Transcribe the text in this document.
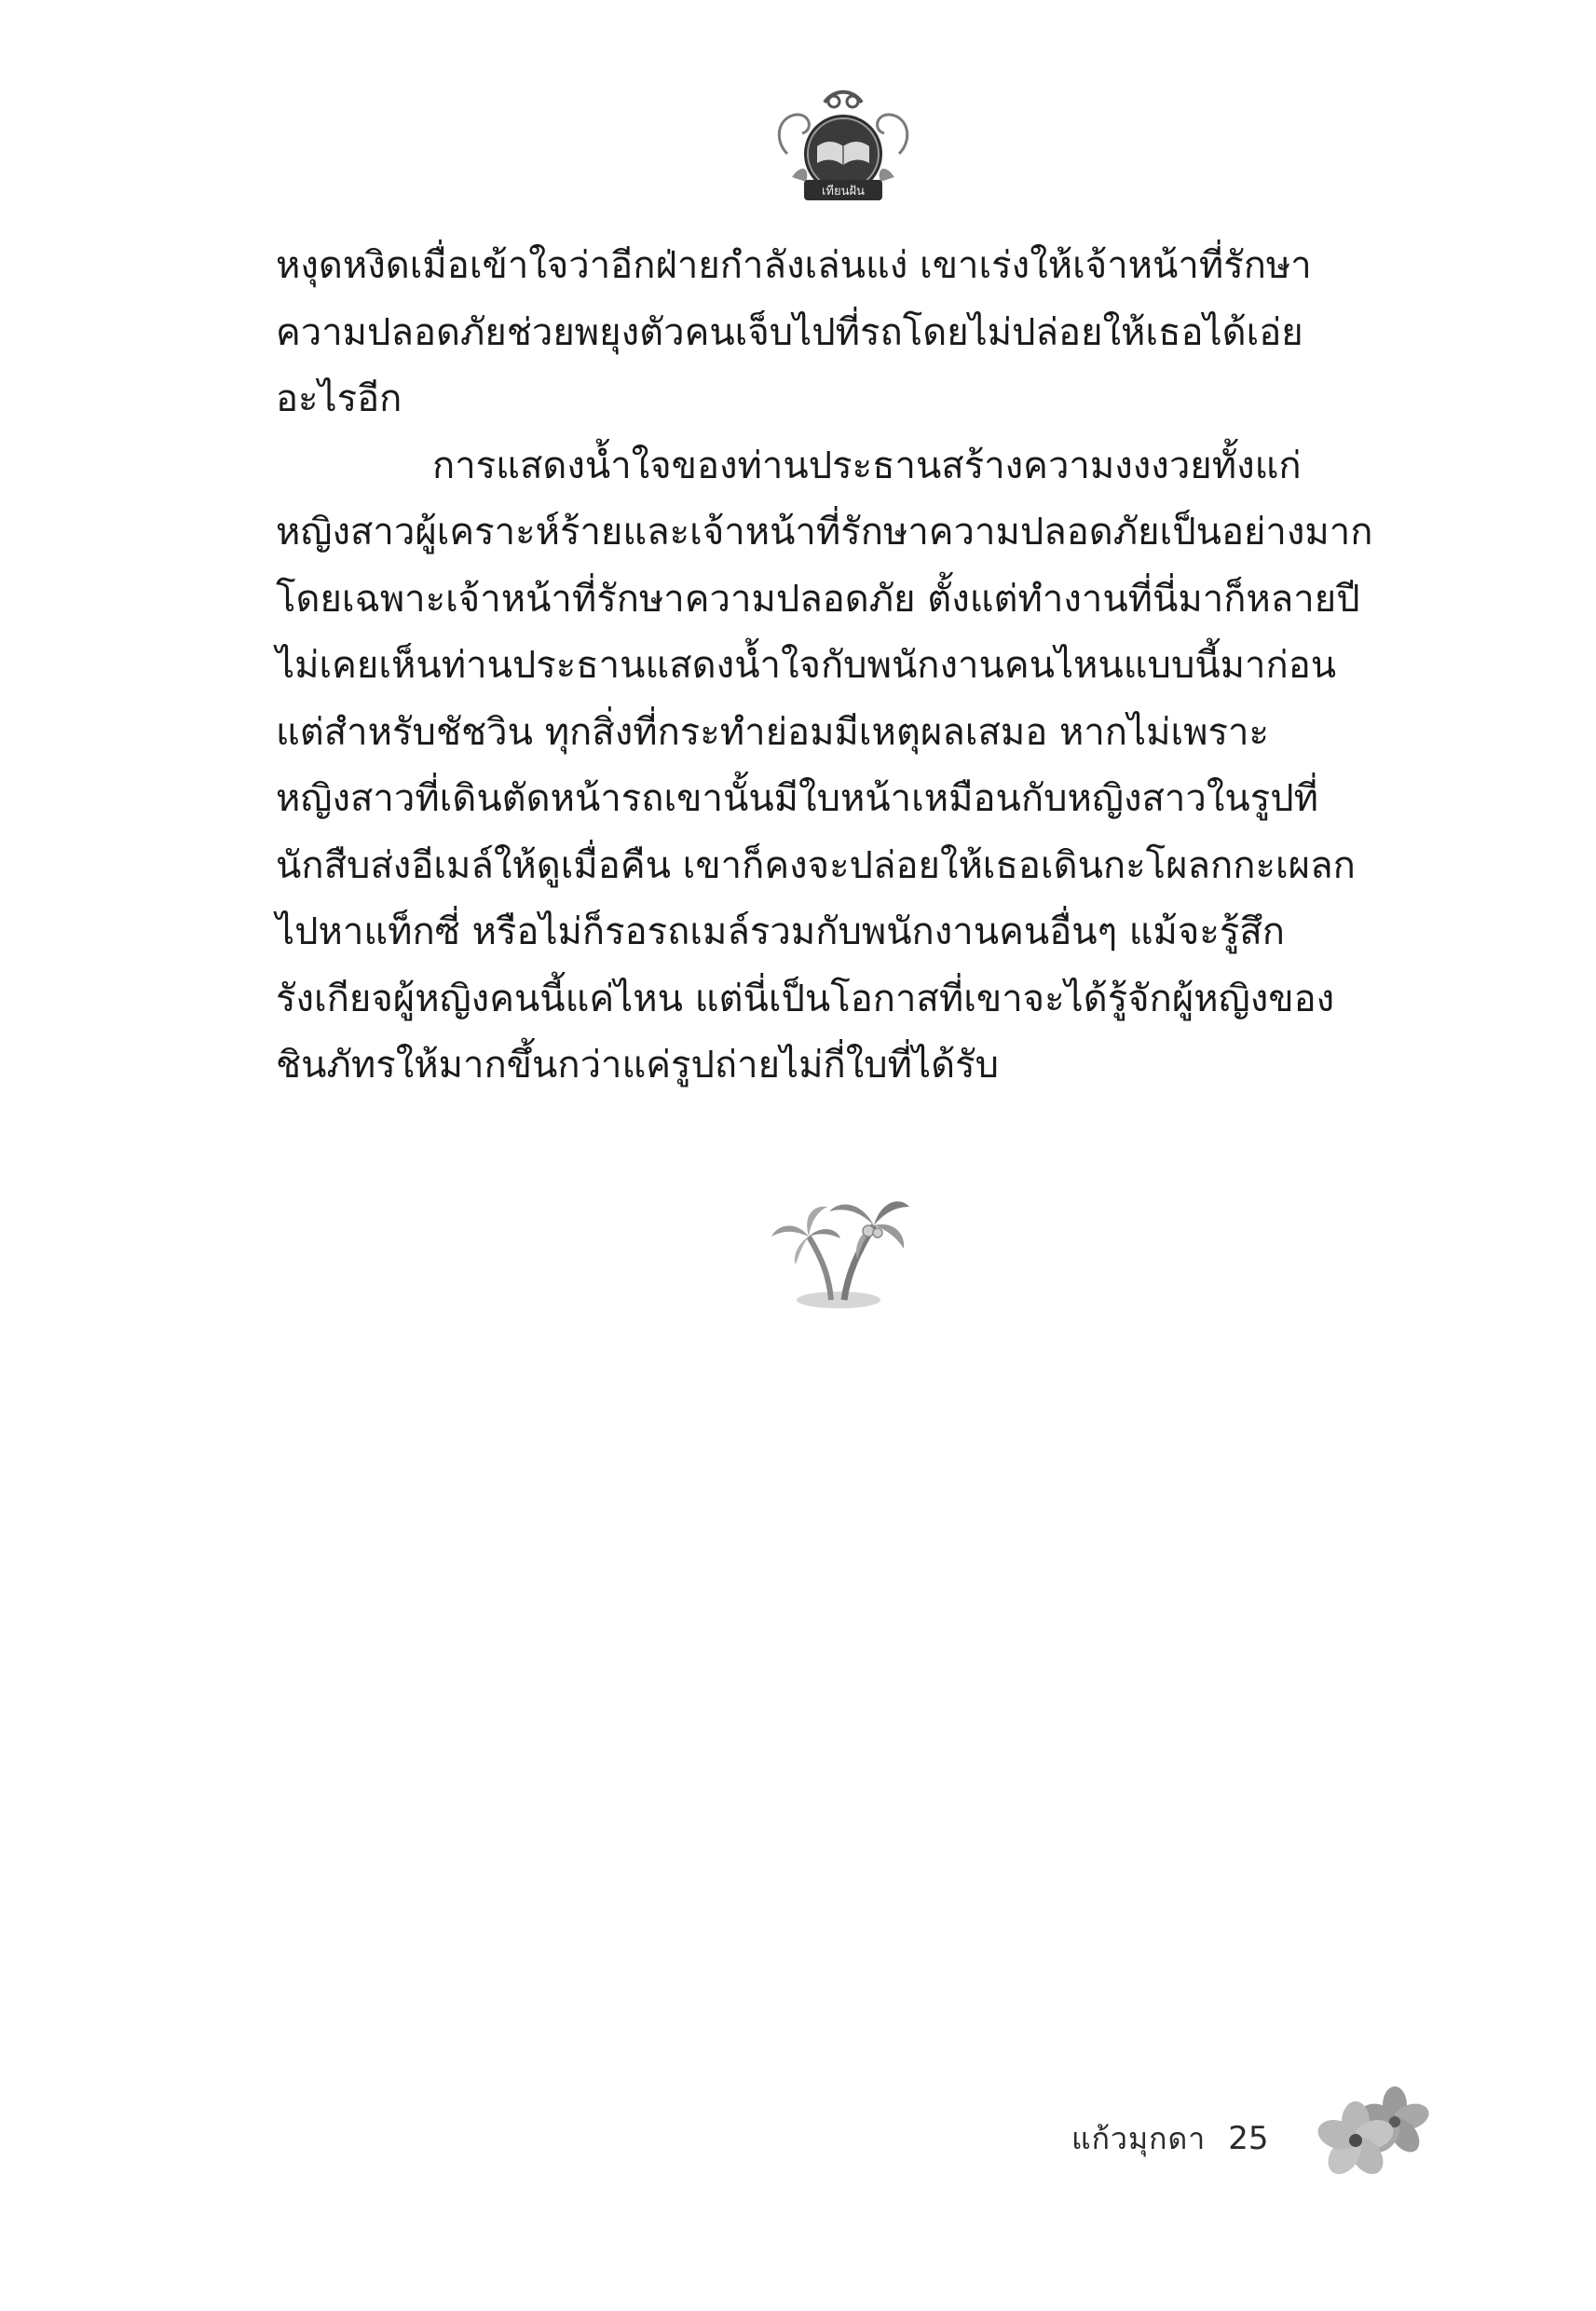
เทียนฝัน

หงุดหงิดเมื่อเข้าใจว่าอีกฝ่ายกำลังเล่นแง่ เขาเร่งให้เจ้าหน้าที่รักษา
ความปลอดภัยช่วยพยุงตัวคนเจ็บไปที่รถโดยไม่ปล่อยให้เธอได้เอ่ย
อะไรอีก

การแสดงน้ำใจของท่านประธานสร้างความงงงวยทั้งแก่
หญิงสาวผู้เคราะห์ร้ายและเจ้าหน้าที่รักษาความปลอดภัยเป็นอย่างมาก
โดยเฉพาะเจ้าหน้าที่รักษาความปลอดภัย ตั้งแต่ทำงานที่นี่มาก็หลายปี
ไม่เคยเห็นท่านประธานแสดงน้ำใจกับพนักงานคนไหนแบบนี้มาก่อน
แต่สำหรับชัชวิน ทุกสิ่งที่กระทำย่อมมีเหตุผลเสมอ หากไม่เพราะ
หญิงสาวที่เดินตัดหน้ารถเขานั้นมีใบหน้าเหมือนกับหญิงสาวในรูปที่
นักสืบส่งอีเมล์ให้ดูเมื่อคืน เขาก็คงจะปล่อยให้เธอเดินกะโผลกกะเผลก
ไปหาแท็กซี่ หรือไม่ก็รอรถเมล์รวมกับพนักงานคนอื่นๆ แม้จะรู้สึก
รังเกียจผู้หญิงคนนี้แค่ไหน แต่นี่เป็นโอกาสที่เขาจะได้รู้จักผู้หญิงของ
ชินภัทรให้มากขึ้นกว่าแค่รูปถ่ายไม่กี่ใบที่ได้รับ

แก้วมุกดา 25
